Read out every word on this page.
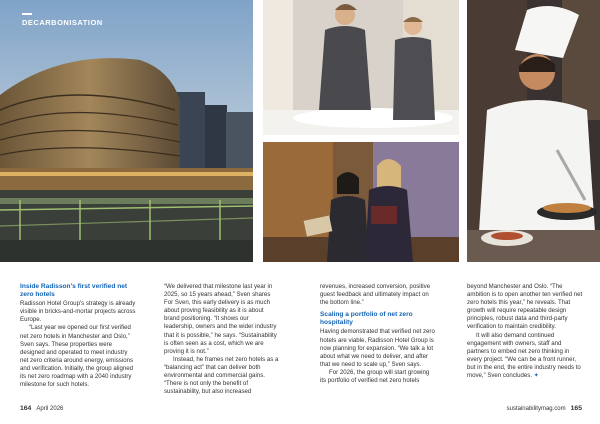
DECARBONISATION
Inside Radisson's first verified net zero hotels

Radisson Hotel Group's strategy is already visible in bricks-and-mortar projects across Europe.

“Last year we opened our first verified net zero hotels in Manchester and Oslo,” Sven says. These properties were designed and operated to meet industry net zero criteria around energy, emissions and verification. Initially, the group aligned its net zero roadmap with a 2040 industry milestone for such hotels.

“We delivered that milestone last year in 2025, so 15 years ahead,” Sven shares For Sven, this early delivery is as much about proving feasibility as it is about brand positioning. “It shows our leadership, owners and the wider industry that it is possible,” he says. “Sustainability is often seen as a cost, which we are proving it is not.”

Instead, he frames net zero hotels as a “balancing act” that can deliver both environmental and commercial gains. “There is not only the benefit of sustainability, but also increased

revenues, increased conversion, positive guest feedback and ultimately impact on the bottom line.”

Scaling a portfolio of net zero hospitality

Having demonstrated that verified net zero hotels are viable, Radisson Hotel Group is now planning for expansion. “We talk a lot about what we need to deliver, and after that we need to scale up,” Sven says.

For 2026, the group will start growing its portfolio of verified net zero hotels

beyond Manchester and Oslo. “The ambition is to open another ten verified net zero hotels this year,” he reveals. That growth will require repeatable design principles, robust data and third-party verification to maintain credibility.

It will also demand continued engagement with owners, staff and partners to embed net zero thinking in every project. “We can be a front runner, but in the end, the entire industry needs to move,” Sven concludes. ✦

164 April 2026	sustainabilitymag.com 165
